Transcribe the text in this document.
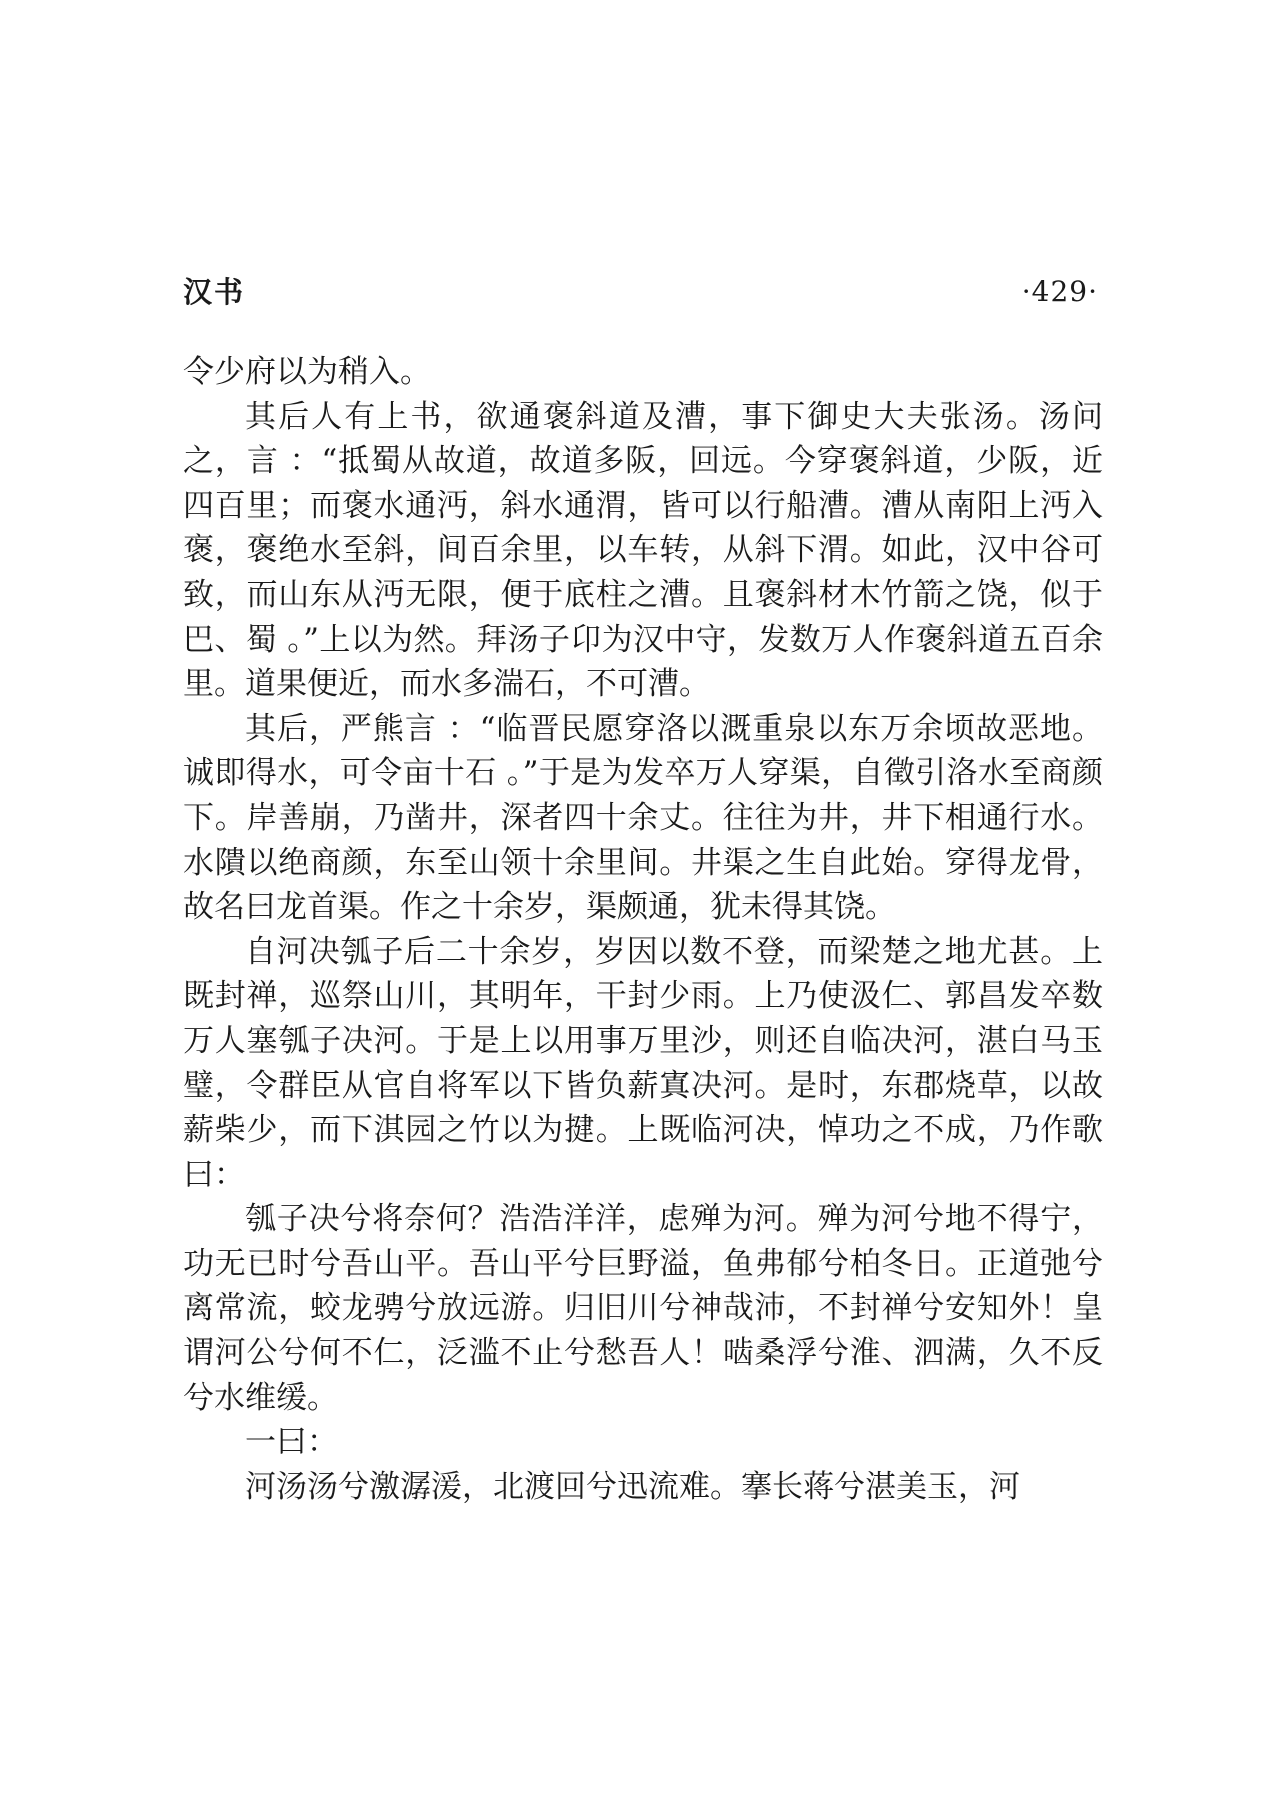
汉书	·429·

令少府以为稍入。

其后人有上书，欲通褒斜道及漕，事下御史大夫张汤。汤问之，言 ：“抵蜀从故道，故道多阪，回远。今穿褒斜道，少阪，近四百里；而褒水通沔，斜水通渭，皆可以行船漕。漕从南阳上沔入褒，褒绝水至斜，间百余里，以车转，从斜下渭。如此，汉中谷可致，而山东从沔无限，便于底柱之漕。且褒斜材木竹箭之饶，似于巴、蜀 。”上以为然。拜汤子卬为汉中守，发数万人作褒斜道五百余里。道果便近，而水多湍石，不可漕。

其后，严熊言 ：“临晋民愿穿洛以溉重泉以东万余顷故恶地。诚即得水，可令亩十石 。”于是为发卒万人穿渠，自徵引洛水至商颜下。岸善崩，乃凿井，深者四十余丈。往往为井，井下相通行水。水隤以绝商颜，东至山领十余里间。井渠之生自此始。穿得龙骨，故名曰龙首渠。作之十余岁，渠颇通，犹未得其饶。

自河决瓠子后二十余岁，岁因以数不登，而梁楚之地尤甚。上既封禅，巡祭山川，其明年，干封少雨。上乃使汲仁、郭昌发卒数万人塞瓠子决河。于是上以用事万里沙，则还自临决河，湛白马玉璧，令群臣从官自将军以下皆负薪寘决河。是时，东郡烧草，以故薪柴少，而下淇园之竹以为揵。上既临河决，悼功之不成，乃作歌曰：

瓠子决兮将奈何？浩浩洋洋，虑殚为河。殚为河兮地不得宁，功无已时兮吾山平。吾山平兮巨野溢，鱼弗郁兮柏冬日。正道弛兮离常流，蛟龙骋兮放远游。归旧川兮神哉沛，不封禅兮安知外！皇谓河公兮何不仁，泛滥不止兮愁吾人！啮桑浮兮淮、泗满，久不反兮水维缓。

一曰：

河汤汤兮激潺湲，北渡回兮迅流难。搴长蒋兮湛美玉，河
